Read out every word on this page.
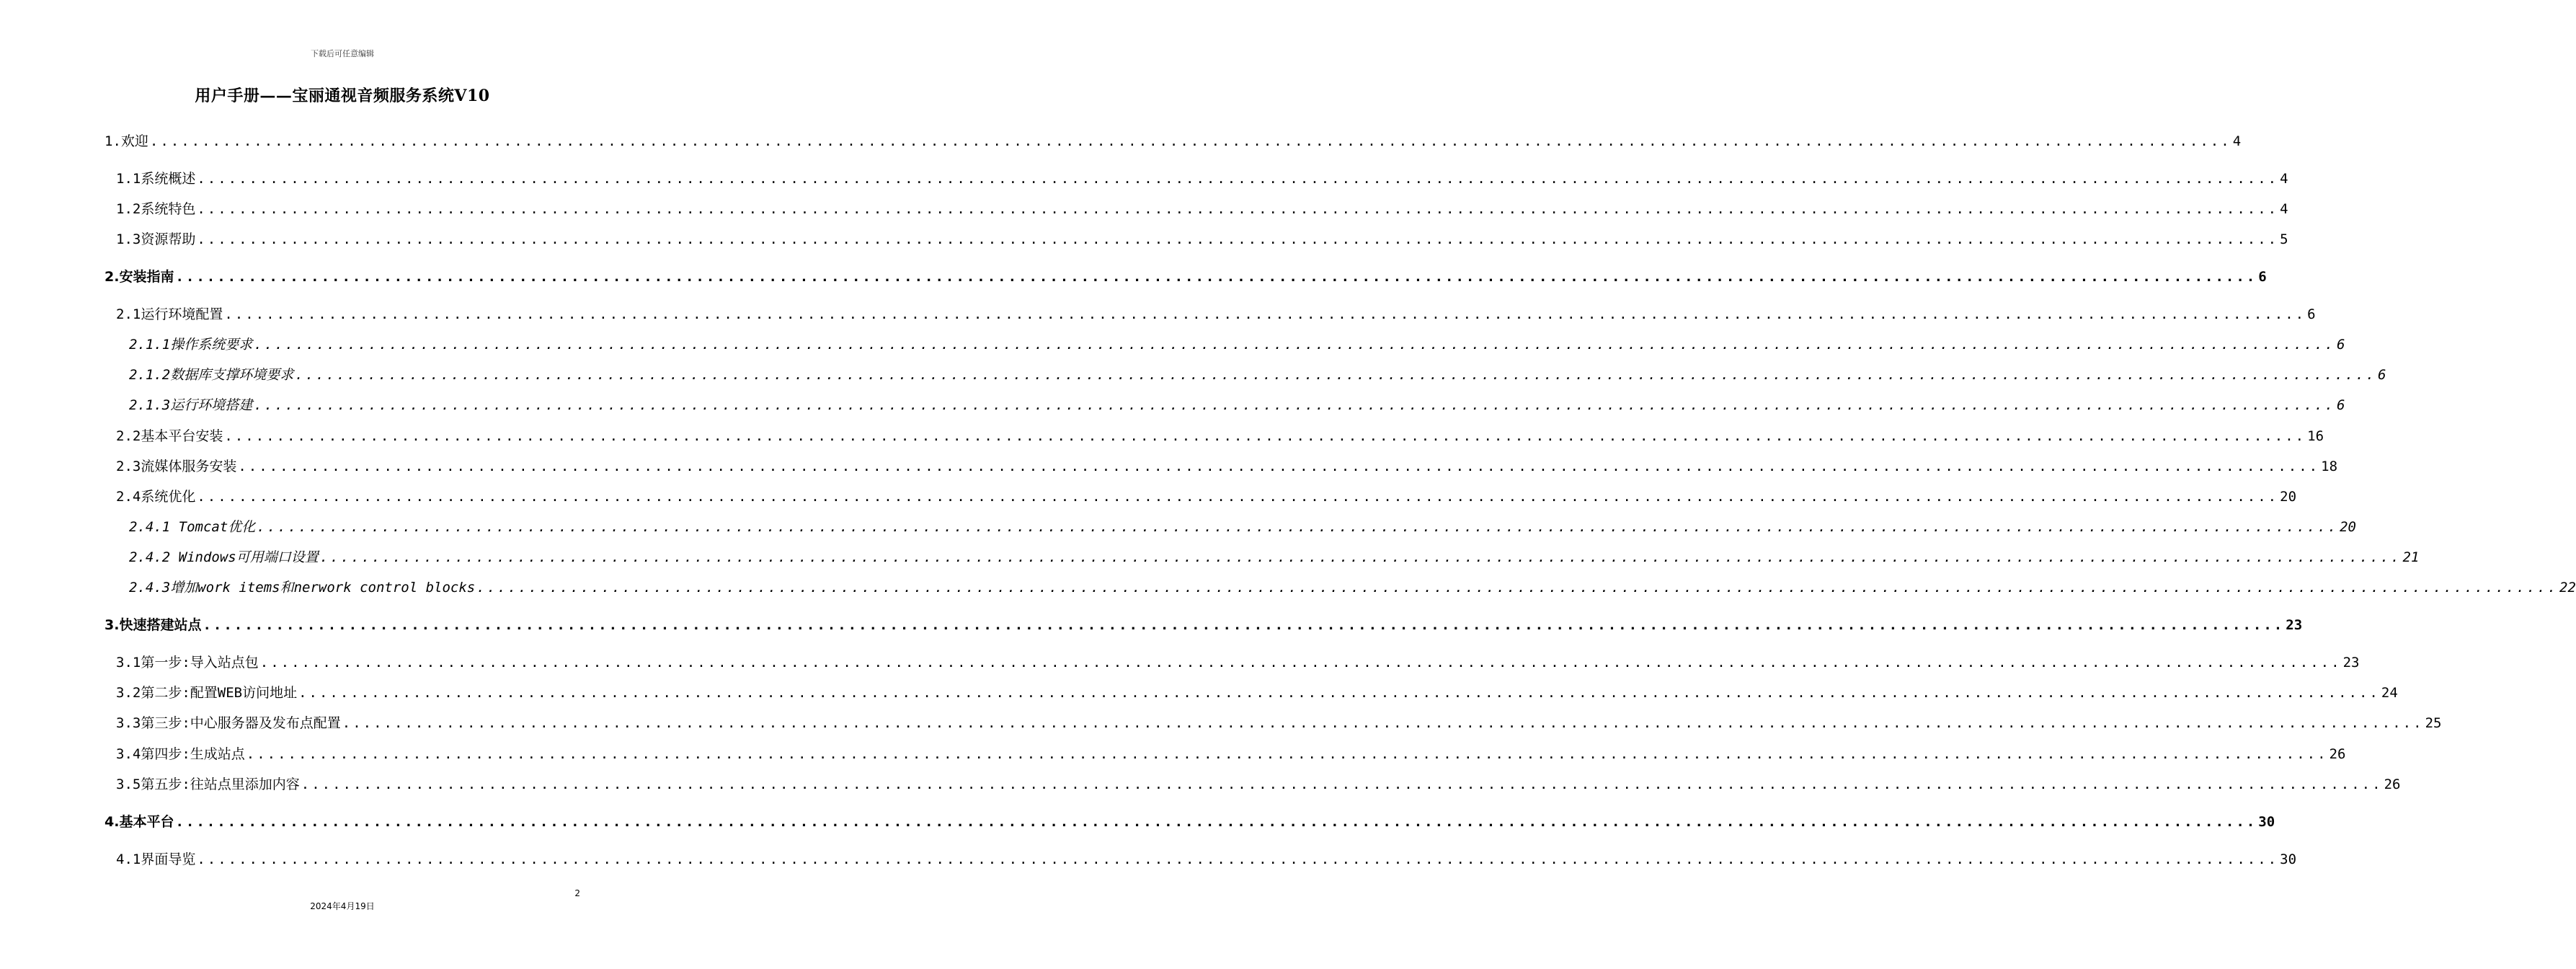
下载后可任意编辑
用户手册——宝丽通视音频服务系统V10
1.欢迎 ........................................................................................................................................................................................................ 4
1.1系统概述 ........................................................................................................................................................................................................ 4
1.2系统特色 ........................................................................................................................................................................................................ 4
1.3资源帮助 ........................................................................................................................................................................................................ 5
2.安装指南 ........................................................................................................................................................................................................ 6
2.1运行环境配置 ........................................................................................................................................................................................................ 6
2.1.1操作系统要求 ........................................................................................................................................................................................................ 6
2.1.2数据库支撑环境要求 ........................................................................................................................................................................................................ 6
2.1.3运行环境搭建 ........................................................................................................................................................................................................ 6
2.2基本平台安装 ........................................................................................................................................................................................................ 16
2.3流媒体服务安装 ........................................................................................................................................................................................................ 18
2.4系统优化 ........................................................................................................................................................................................................ 20
2.4.1 Tomcat优化 ........................................................................................................................................................................................................ 20
2.4.2 Windows可用端口设置 ........................................................................................................................................................................................................ 21
2.4.3增加work items和nerwork control blocks ........................................................................................................................................................................................................ 22
3.快速搭建站点 ........................................................................................................................................................................................................ 23
3.1第一步:导入站点包 ........................................................................................................................................................................................................ 23
3.2第二步:配置WEB访问地址 ........................................................................................................................................................................................................ 24
3.3第三步:中心服务器及发布点配置 ........................................................................................................................................................................................................ 25
3.4第四步:生成站点 ........................................................................................................................................................................................................ 26
3.5第五步:往站点里添加内容 ........................................................................................................................................................................................................ 26
4.基本平台 ........................................................................................................................................................................................................ 30
4.1界面导览 ........................................................................................................................................................................................................ 30
2
2024年4月19日
